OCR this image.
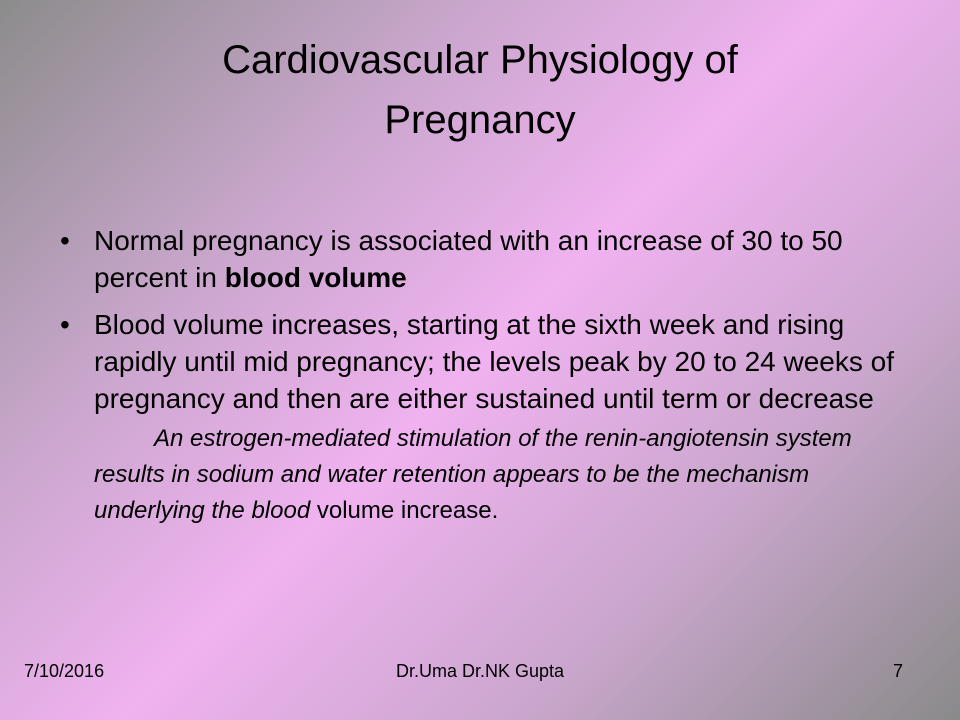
Cardiovascular Physiology of
Pregnancy
• Normal pregnancy is associated with an increase of 30 to 50 percent in blood volume
• Blood volume increases, starting at the sixth week and rising rapidly until mid pregnancy; the levels peak by 20 to 24 weeks of pregnancy and then are either sustained until term or decrease
An estrogen-mediated stimulation of the renin-angiotensin system results in sodium and water retention appears to be the mechanism underlying the blood volume increase.
7/10/2016	Dr.Uma Dr.NK Gupta	7
